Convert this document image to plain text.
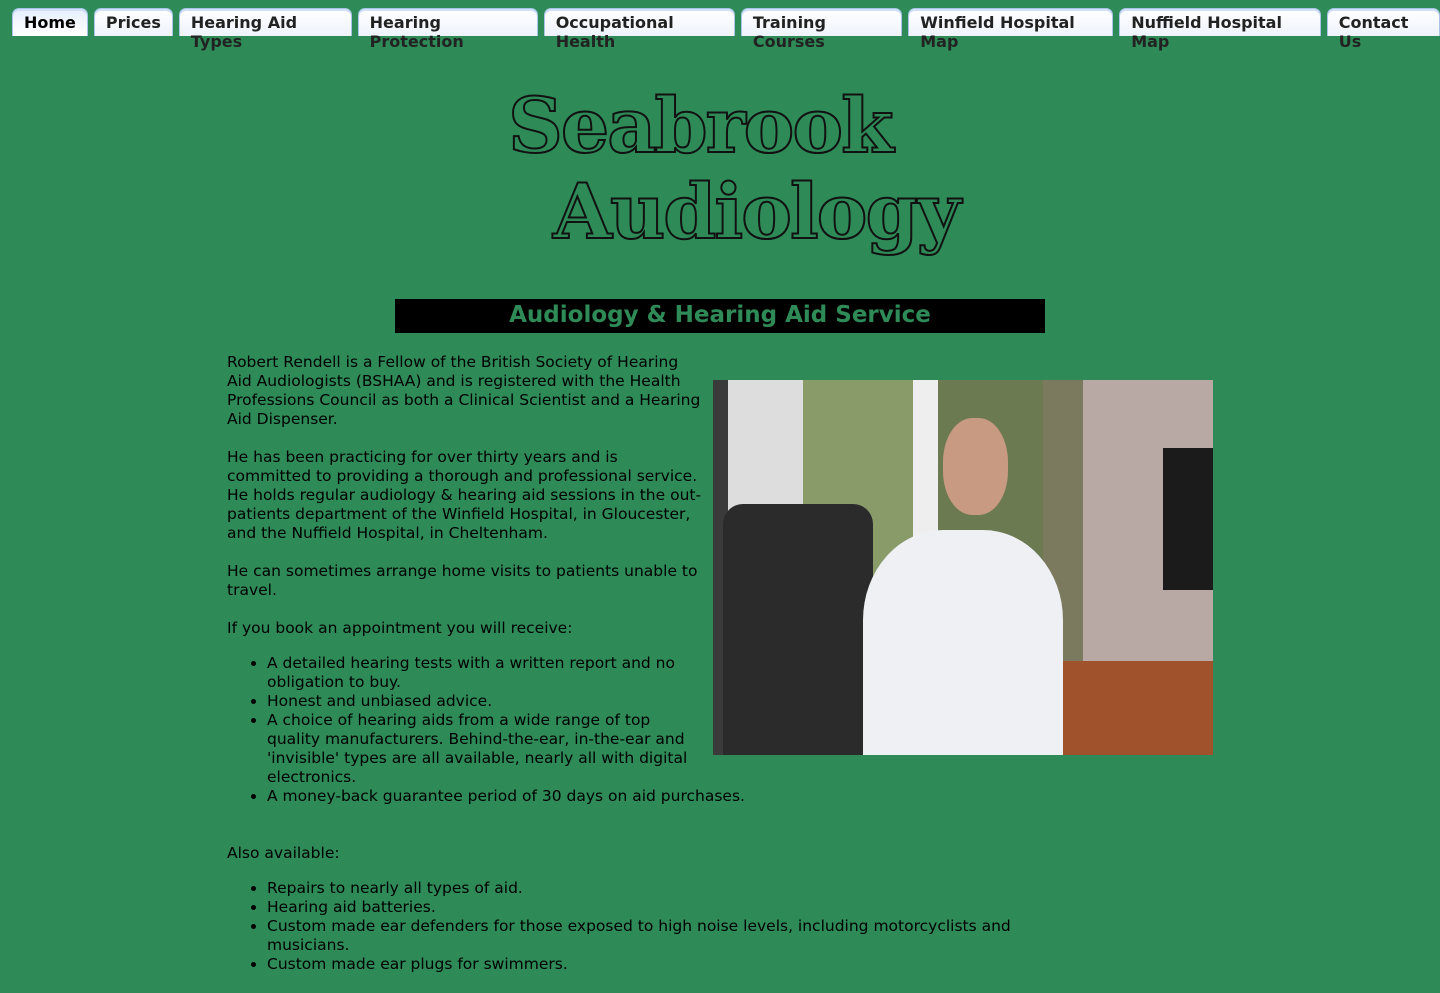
Home	Prices	Hearing Aid Types
Hearing Protection
Occupational Health
Training Courses
Winfield Hospital Map
Nuffield Hospital Map
Contact Us
Seabrook
Audiology
Audiology & Hearing Aid Service

Robert Rendell is a Fellow of the British Society of Hearing Aid Audiologists (BSHAA) and is registered with the Health Professions Council as both a Clinical Scientist and a Hearing Aid Dispenser.

He has been practicing for over thirty years and is committed to providing a thorough and professional service. He holds regular audiology & hearing aid sessions in the out-patients department of the Winfield Hospital, in Gloucester, and the Nuffield Hospital, in Cheltenham.

He can sometimes arrange home visits to patients unable to travel.

If you book an appointment you will receive:

• A detailed hearing tests with a written report and no obligation to buy.
• Honest and unbiased advice.
• A choice of hearing aids from a wide range of top quality manufacturers. Behind-the-ear, in-the-ear and 'invisible' types are all available, nearly all with digital electronics.
• A money-back guarantee period of 30 days on aid purchases.

Also available:

• Repairs to nearly all types of aid.
• Hearing aid batteries.
• Custom made ear defenders for those exposed to high noise levels, including motorcyclists and musicians.
• Custom made ear plugs for swimmers.
